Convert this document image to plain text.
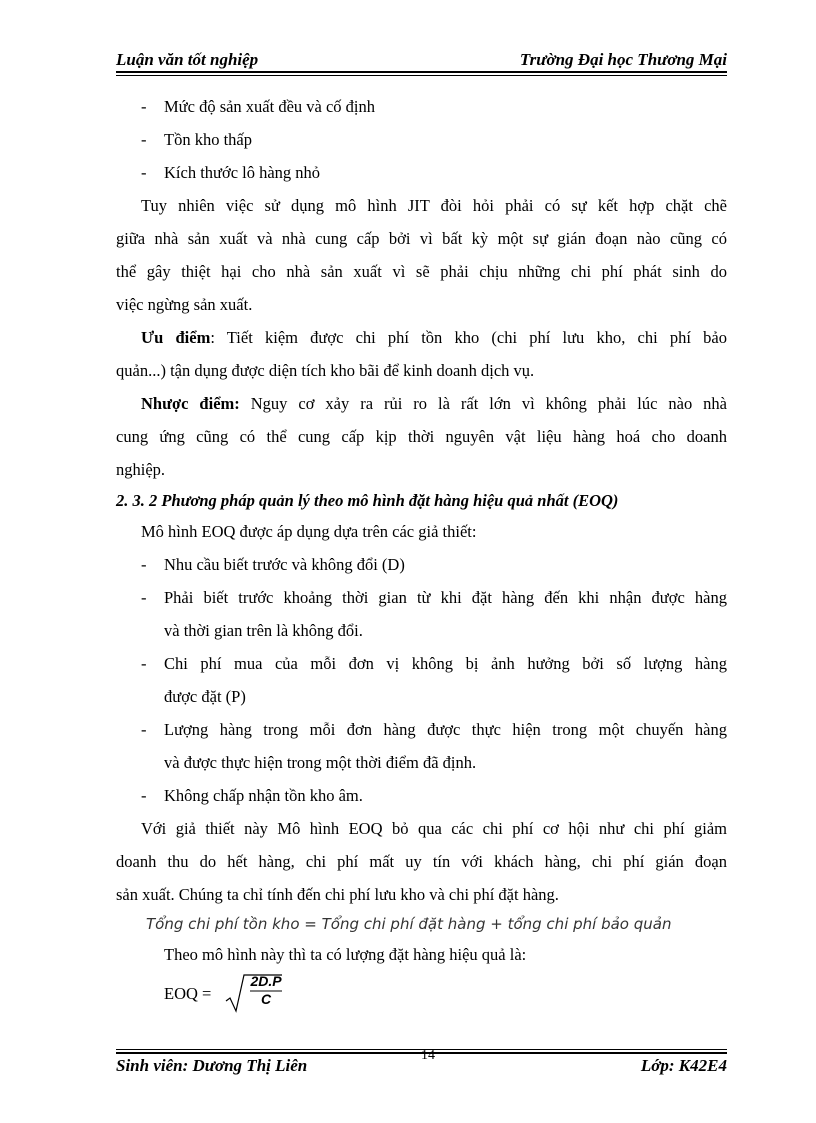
Luận văn tốt nghiệp	Trường Đại học Thương Mại
- Mức độ sản xuất đều và cố định
- Tồn kho thấp
- Kích thước lô hàng nhỏ
Tuy nhiên việc sử dụng mô hình JIT đòi hỏi phải có sự kết hợp chặt chẽ
giữa nhà sản xuất và nhà cung cấp bởi vì bất kỳ một sự gián đoạn nào cũng có
thể gây thiệt hại cho nhà sản xuất vì sẽ phải chịu những chi phí phát sinh do
việc ngừng sản xuất.
Ưu điểm: Tiết kiệm được chi phí tồn kho (chi phí lưu kho, chi phí bảo
quản...) tận dụng được diện tích kho bãi để kinh doanh dịch vụ.
Nhược điểm: Nguy cơ xảy ra rủi ro là rất lớn vì không phải lúc nào nhà
cung ứng cũng có thể cung cấp kịp thời nguyên vật liệu hàng hoá cho doanh
nghiệp.
2. 3. 2 Phương pháp quản lý theo mô hình đặt hàng hiệu quả nhất (EOQ)
Mô hình EOQ được áp dụng dựa trên các giả thiết:
- Nhu cầu biết trước và không đổi (D)
- Phải biết trước khoảng thời gian từ khi đặt hàng đến khi nhận được hàng
và thời gian trên là không đổi.
- Chi phí mua của mỗi đơn vị không bị ảnh hưởng bởi số lượng hàng
được đặt (P)
- Lượng hàng trong mỗi đơn hàng được thực hiện trong một chuyến hàng
và được thực hiện trong một thời điểm đã định.
- Không chấp nhận tồn kho âm.
Với giả thiết này Mô hình EOQ bỏ qua các chi phí cơ hội như chi phí giảm
doanh thu do hết hàng, chi phí mất uy tín với khách hàng, chi phí gián đoạn
sản xuất. Chúng ta chỉ tính đến chi phí lưu kho và chi phí đặt hàng.
Tổng chi phí tồn kho = Tổng chi phí đặt hàng + tổng chi phí bảo quản
Theo mô hình này thì ta có lượng đặt hàng hiệu quả là:
EOQ =
2D.P
C
Sinh viên: Dương Thị Liên
14
Lớp: K42E4
